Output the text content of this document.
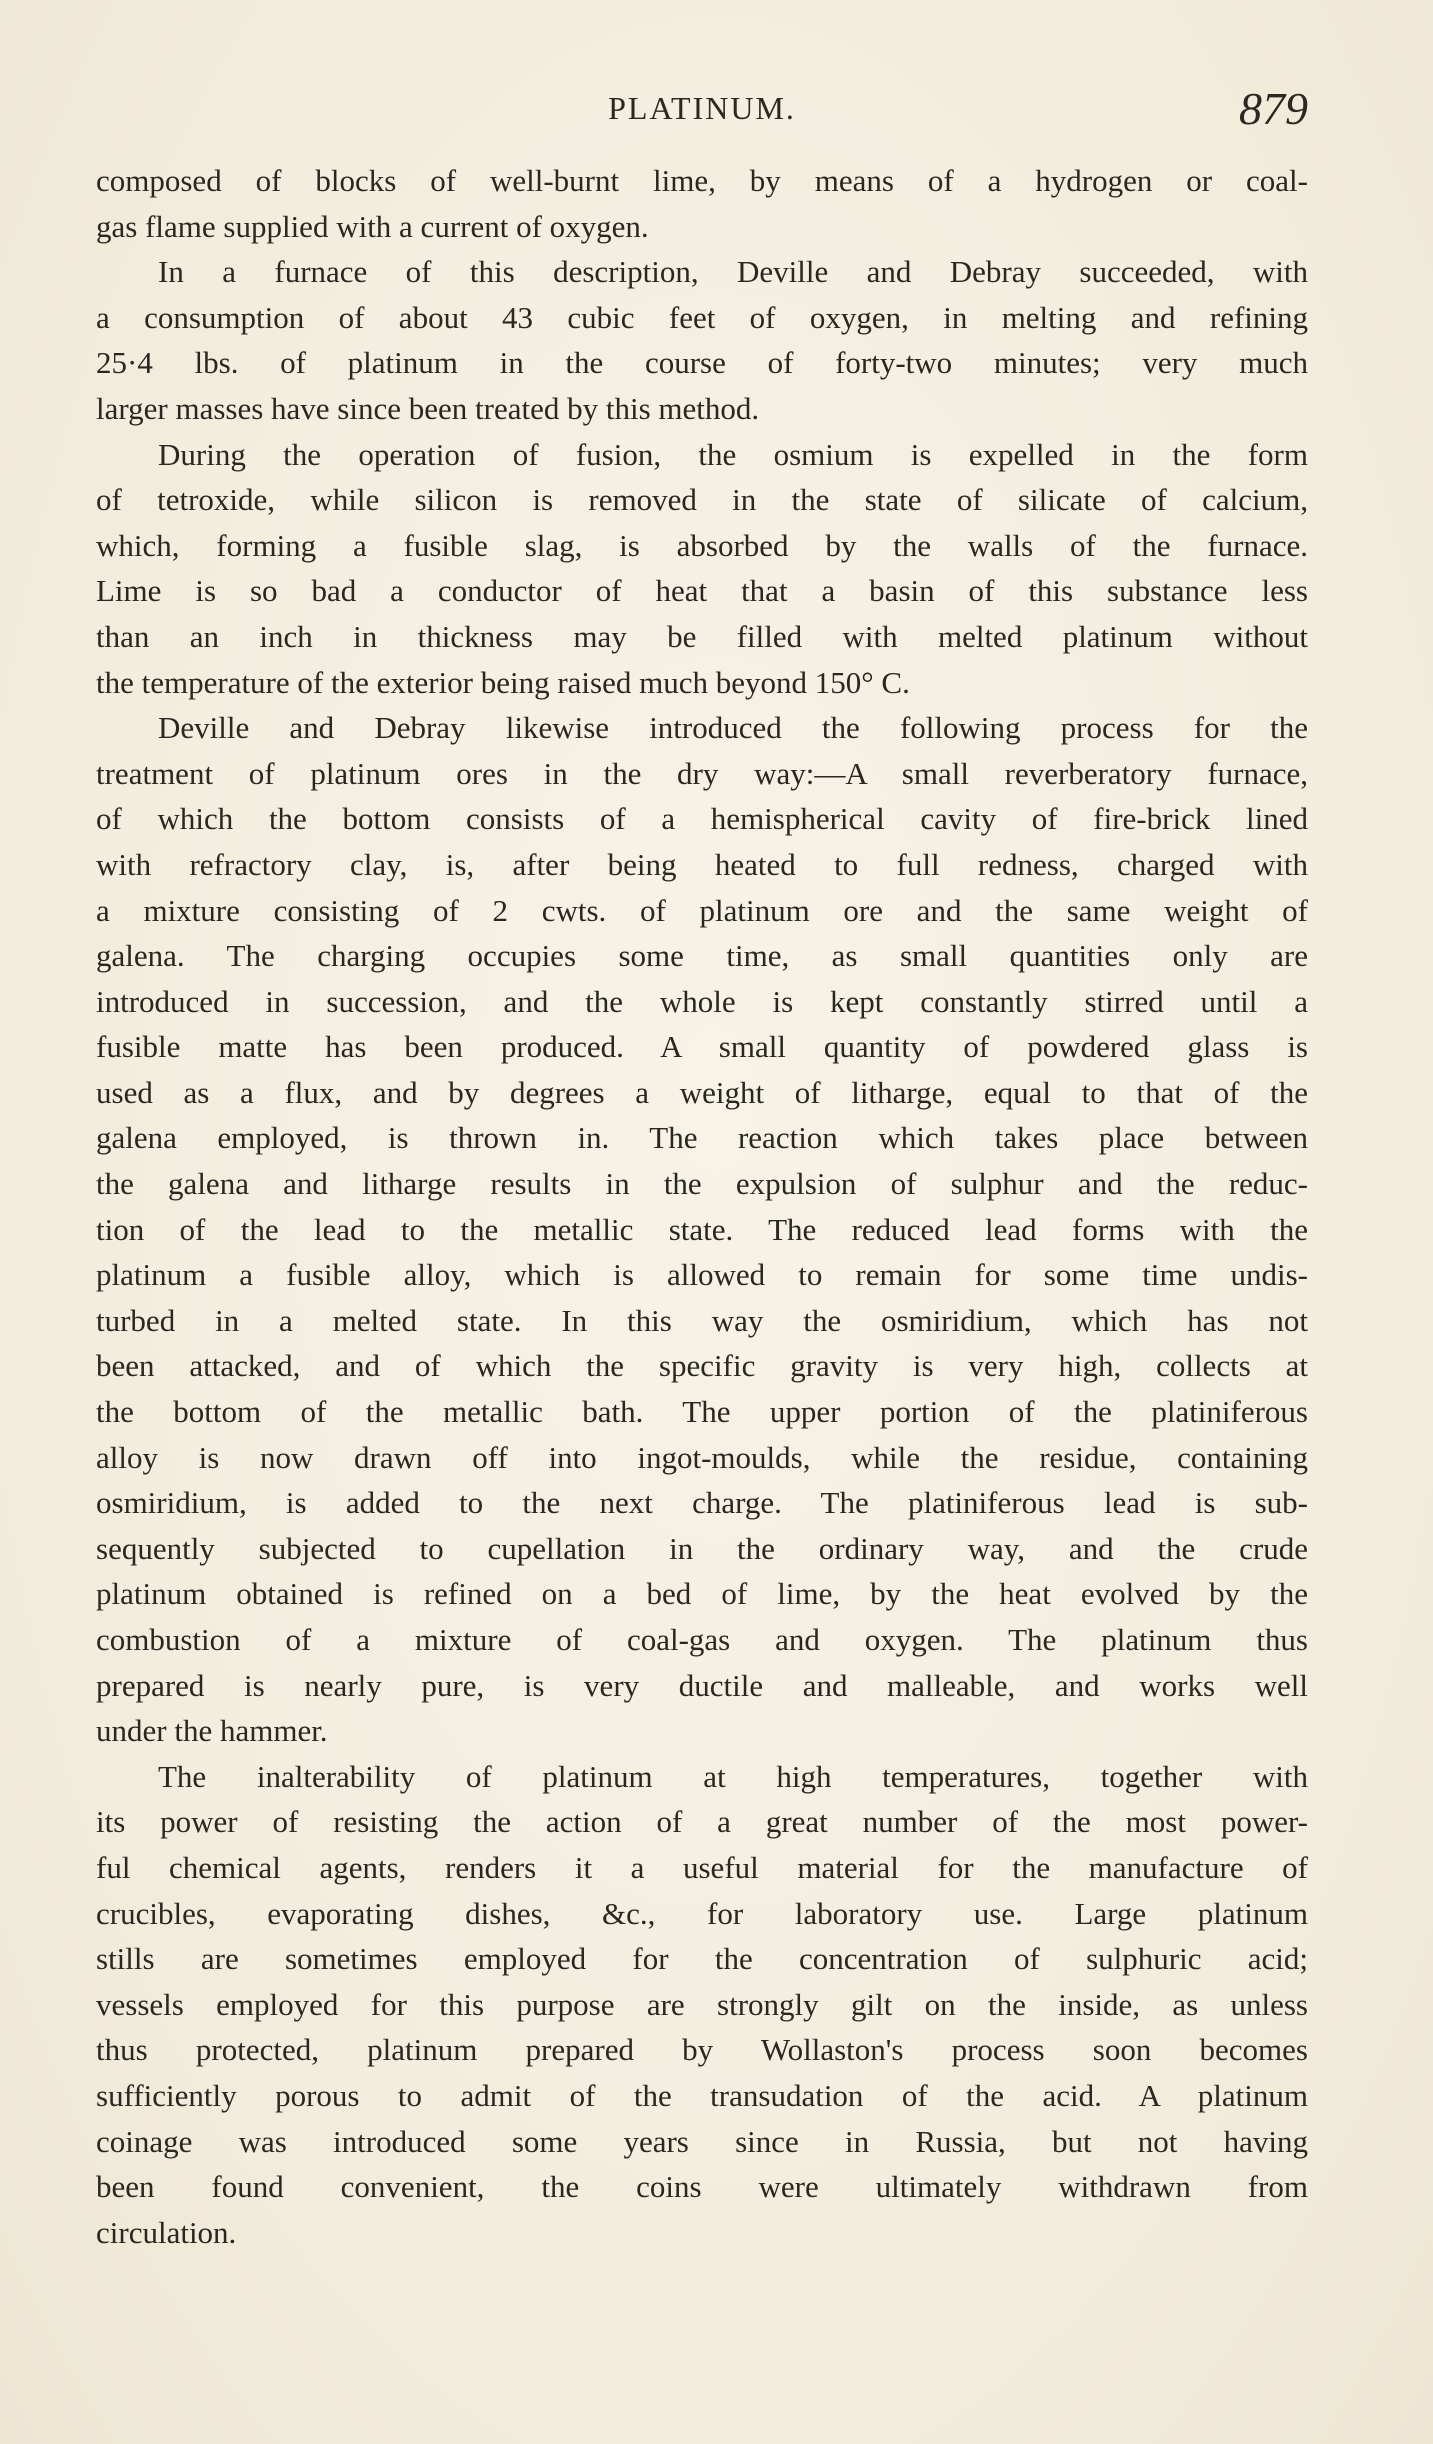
PLATINUM.	879

composed of blocks of well-burnt lime, by means of a hydrogen or coal-

gas flame supplied with a current of oxygen.

In a furnace of this description, Deville and Debray succeeded, with

a consumption of about 43 cubic feet of oxygen, in melting and refining

25·4 lbs. of platinum in the course of forty-two minutes; very much

larger masses have since been treated by this method.

During the operation of fusion, the osmium is expelled in the form

of tetroxide, while silicon is removed in the state of silicate of calcium,

which, forming a fusible slag, is absorbed by the walls of the furnace.

Lime is so bad a conductor of heat that a basin of this substance less

than an inch in thickness may be filled with melted platinum without

the temperature of the exterior being raised much beyond 150° C.

Deville and Debray likewise introduced the following process for the

treatment of platinum ores in the dry way:—A small reverberatory furnace,

of which the bottom consists of a hemispherical cavity of fire-brick lined

with refractory clay, is, after being heated to full redness, charged with

a mixture consisting of 2 cwts. of platinum ore and the same weight of

galena. The charging occupies some time, as small quantities only are

introduced in succession, and the whole is kept constantly stirred until a

fusible matte has been produced. A small quantity of powdered glass is

used as a flux, and by degrees a weight of litharge, equal to that of the

galena employed, is thrown in. The reaction which takes place between

the galena and litharge results in the expulsion of sulphur and the reduc-

tion of the lead to the metallic state. The reduced lead forms with the

platinum a fusible alloy, which is allowed to remain for some time undis-

turbed in a melted state. In this way the osmiridium, which has not

been attacked, and of which the specific gravity is very high, collects at

the bottom of the metallic bath. The upper portion of the platiniferous

alloy is now drawn off into ingot-moulds, while the residue, containing

osmiridium, is added to the next charge. The platiniferous lead is sub-

sequently subjected to cupellation in the ordinary way, and the crude

platinum obtained is refined on a bed of lime, by the heat evolved by the

combustion of a mixture of coal-gas and oxygen. The platinum thus

prepared is nearly pure, is very ductile and malleable, and works well

under the hammer.

The inalterability of platinum at high temperatures, together with

its power of resisting the action of a great number of the most power-

ful chemical agents, renders it a useful material for the manufacture of

crucibles, evaporating dishes, &c., for laboratory use. Large platinum

stills are sometimes employed for the concentration of sulphuric acid;

vessels employed for this purpose are strongly gilt on the inside, as unless

thus protected, platinum prepared by Wollaston's process soon becomes

sufficiently porous to admit of the transudation of the acid. A platinum

coinage was introduced some years since in Russia, but not having

been found convenient, the coins were ultimately withdrawn from

circulation.
